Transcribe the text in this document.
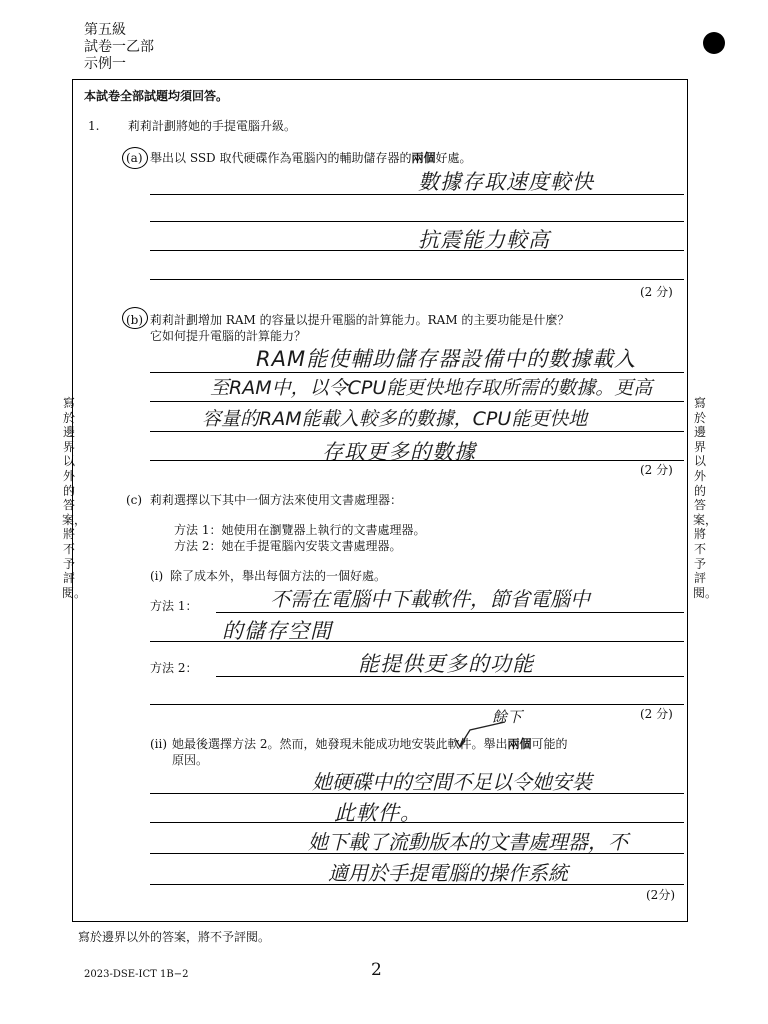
第五級
試卷一乙部
示例一
寫於邊界以外的答案，將不予評閱。
寫於邊界以外的答案，將不予評閱。
本試卷全部試題均須回答。
1. 莉莉計劃將她的手提電腦升級。
(a) 舉出以 SSD 取代硬碟作為電腦內的輔助儲存器的兩個好處。
數據存取速度較快
抗震能力較高
(2 分)
(b) 莉莉計劃增加 RAM 的容量以提升電腦的計算能力。RAM 的主要功能是什麼？
它如何提升電腦的計算能力？
RAM能使輔助儲存器設備中的數據載入
至RAM中，以令CPU能更快地存取所需的數據。更高
容量的RAM能載入較多的數據，CPU能更快地
存取更多的數據
(2 分)
(c) 莉莉選擇以下其中一個方法來使用文書處理器：
方法 1：她使用在瀏覽器上執行的文書處理器。
方法 2：她在手提電腦內安裝文書處理器。
(i) 除了成本外，舉出每個方法的一個好處。
方法 1：	不需在電腦中下載軟件，節省電腦中
的儲存空間
方法 2：	能提供更多的功能
(2 分)
餘下
(ii) 她最後選擇方法 2。然而，她發現未能成功地安裝此軟件。舉出兩個可能的
原因。
她硬碟中的空間不足以令她安裝
此軟件。
她下載了流動版本的文書處理器，不
適用於手提電腦的操作系統
(2分)
寫於邊界以外的答案，將不予評閱。
2023-DSE-ICT 1B−2	2
